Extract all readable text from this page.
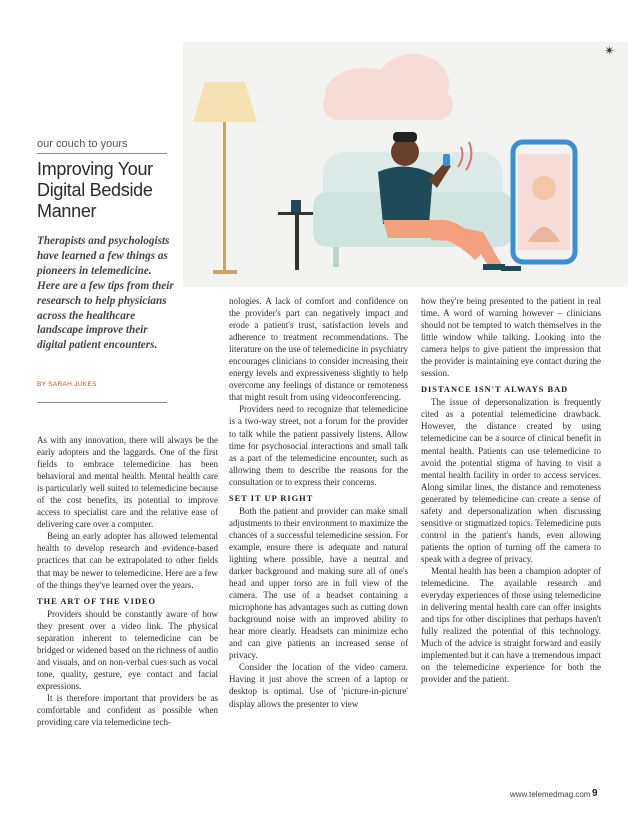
✴
our couch to yours
Improving Your Digital Bedside Manner

Therapists and psychologists have learned a few things as pioneers in telemedicine. Here are a few tips from their researsch to help physicians across the healthcare landscape improve their digital patient encounters.

BY SARAH JUKES

As with any innovation, there will always be the early adopters and the laggards. One of the first fields to embrace telemedicine has been behavioral and mental health. Mental health care is particularly well suited to telemedicine because of the cost benefits, its potential to improve access to specialist care and the relative ease of delivering care over a computer.

Being an early adopter has allowed telemental health to develop research and evidence-based practices that can be extrapolated to other fields that may be newer to telemedicine. Here are a few of the things they've learned over the years.

THE ART OF THE VIDEO

Providers should be constantly aware of how they present over a video link. The physical separation inherent to telemedicine can be bridged or widened based on the richness of audio and visuals, and on non-verbal cues such as vocal tone, quality, gesture, eye contact and facial expressions.

It is therefore important that providers be as comfortable and confident as possible when providing care via telemedicine tech-

nologies. A lack of comfort and confidence on the provider's part can negatively impact and erode a patient's trust, satisfaction levels and adherence to treatment recommendations. The literature on the use of telemedicine in psychiatry encourages clinicians to consider increasing their energy levels and expressiveness slightly to help overcome any feelings of distance or remoteness that might result from using videoconferencing.

Providers need to recognize that telemedicine is a two-way street, not a forum for the provider to talk while the patient passively listens. Allow time for psychosocial interactions and small talk as a part of the telemedicine encounter, such as allowing them to describe the reasons for the consultation or to express their concerns.

SET IT UP RIGHT

Both the patient and provider can make small adjustments to their environment to maximize the chances of a successful telemedicine session. For example, ensure there is adequate and natural lighting where possible, have a neutral and darker background and making sure all of one's head and upper torso are in full view of the camera. The use of a headset containing a microphone has advantages such as cutting down background noise with an improved ability to hear more clearly. Headsets can minimize echo and can give patients an increased sense of privacy.

Consider the location of the video camera. Having it just above the screen of a laptop or desktop is optimal. Use of 'picture-in-picture' display allows the presenter to view

how they're being presented to the patient in real time. A word of warning however – clinicians should not be tempted to watch themselves in the little window while talking. Looking into the camera helps to give patient the impression that the provider is maintaining eye contact during the session.

DISTANCE ISN'T ALWAYS BAD

The issue of depersonalization is frequently cited as a potential telemedicine drawback. However, the distance created by using telemedicine can be a source of clinical benefit in mental health. Patients can use telemedicine to avoid the potential stigma of having to visit a mental health facility in order to access services. Along similar lines, the distance and remoteness generated by telemedicine can create a sense of safety and depersonalization when discussing sensitive or stigmatized topics. Telemedicine puts control in the patient's hands, even allowing patients the option of turning off the camera to speak with a degree of privacy.

Mental health has been a champion adopter of telemedicine. The available research and everyday experiences of those using telemedicine in delivering mental health care can offer insights and tips for other disciplines that perhaps haven't fully realized the potential of this technology. Much of the advice is straight forward and easily implemented but it can have a tremendous impact on the telemedicine experience for both the provider and the patient.

www.telemedmag.com 9
